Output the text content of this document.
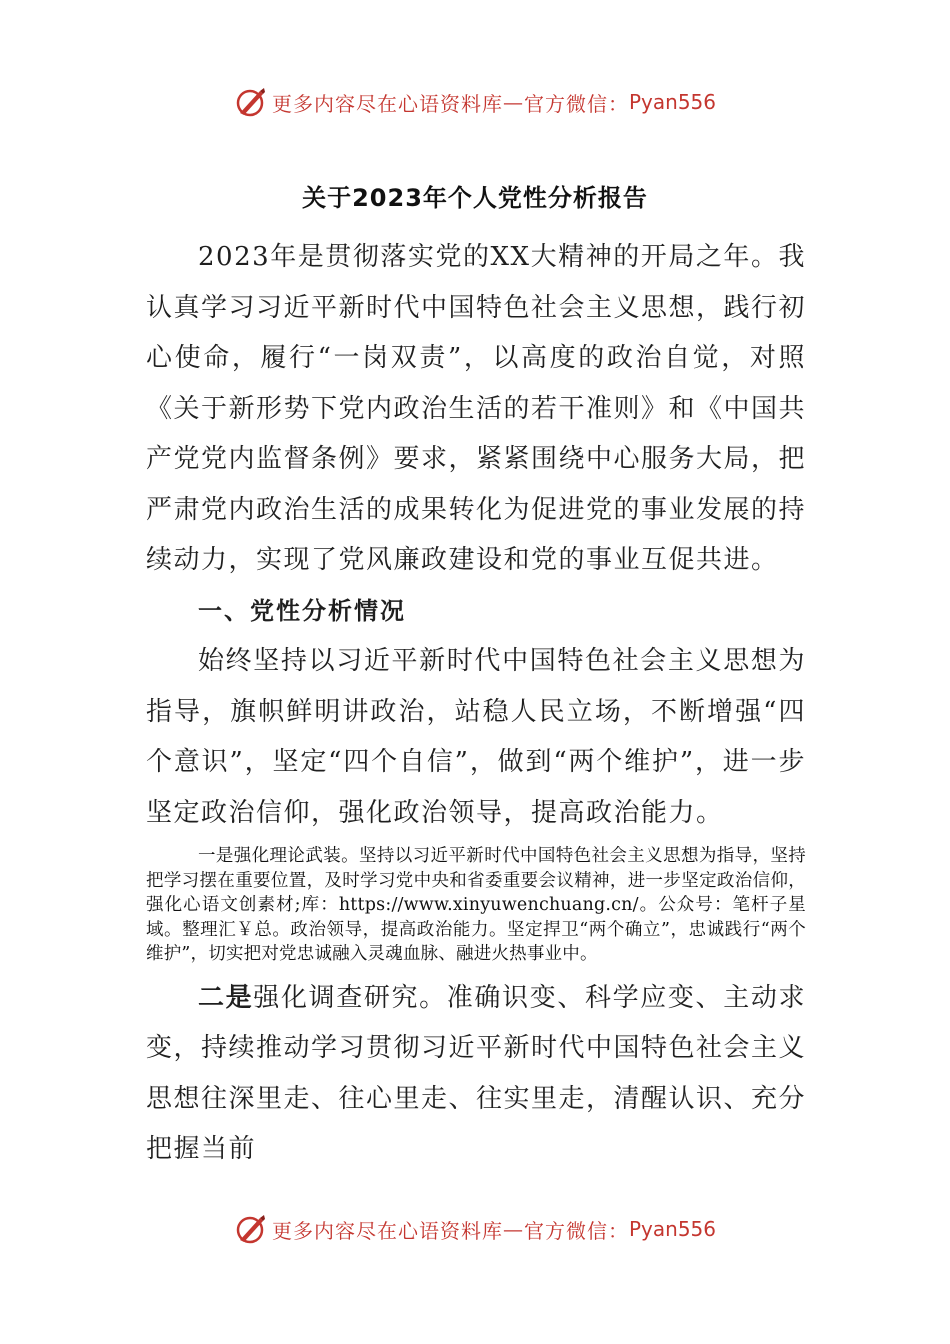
更多内容尽在心语资料库 — 官方微信： Pyan556
关于2023年个人党性分析报告

2023年是贯彻落实党的XX大精神的开局之年。我认真学习习近平新时代中国特色社会主义思想，践行初心使命，履行“一岗双责”，以高度的政治自觉，对照《关于新形势下党内政治生活的若干准则》和《中国共产党党内监督条例》要求，紧紧围绕中心服务大局，把严肃党内政治生活的成果转化为促进党的事业发展的持续动力，实现了党风廉政建设和党的事业互促共进。

一、党性分析情况

始终坚持以习近平新时代中国特色社会主义思想为指导，旗帜鲜明讲政治，站稳人民立场，不断增强“四个意识”，坚定“四个自信”，做到“两个维护”，进一步坚定政治信仰，强化政治领导，提高政治能力。

一是强化理论武装。坚持以习近平新时代中国特色社会主义思想为指导，坚持把学习摆在重要位置，及时学习党中央和省委重要会议精神，进一步坚定政治信仰，强化心语文创素材;库：https://www.xinyuwenchuang.cn/。公众号：笔杆子星域。整理汇￥总。政治领导，提高政治能力。坚定捍卫“两个确立”，忠诚践行“两个维护”，切实把对党忠诚融入灵魂血脉、融进火热事业中。

二是强化调查研究。准确识变、科学应变、主动求变，持续推动学习贯彻习近平新时代中国特色社会主义思想往深里走、往心里走、往实里走，清醒认识、充分把握当前

更多内容尽在心语资料库 — 官方微信： Pyan556
